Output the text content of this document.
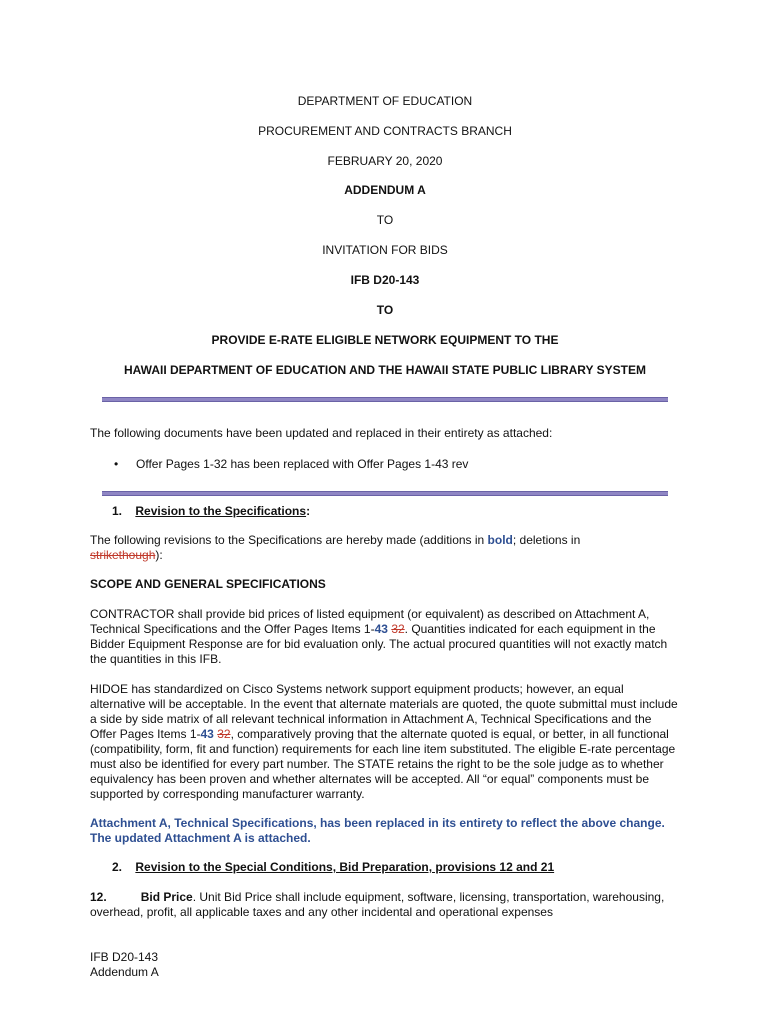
DEPARTMENT OF EDUCATION
PROCUREMENT AND CONTRACTS BRANCH
FEBRUARY 20, 2020
ADDENDUM A
TO
INVITATION FOR BIDS
IFB D20-143
TO
PROVIDE E-RATE ELIGIBLE NETWORK EQUIPMENT TO THE
HAWAII DEPARTMENT OF EDUCATION AND THE HAWAII STATE PUBLIC LIBRARY SYSTEM
The following documents have been updated and replaced in their entirety as attached:
• Offer Pages 1-32 has been replaced with Offer Pages 1-43 rev
1. Revision to the Specifications:
The following revisions to the Specifications are hereby made (additions in bold; deletions in
strikethough):
SCOPE AND GENERAL SPECIFICATIONS
CONTRACTOR shall provide bid prices of listed equipment (or equivalent) as described on Attachment A, Technical Specifications and the Offer Pages Items 1-43 32. Quantities indicated for each equipment in the Bidder Equipment Response are for bid evaluation only. The actual procured quantities will not exactly match the quantities in this IFB.
HIDOE has standardized on Cisco Systems network support equipment products; however, an equal alternative will be acceptable. In the event that alternate materials are quoted, the quote submittal must include a side by side matrix of all relevant technical information in Attachment A, Technical Specifications and the Offer Pages Items 1-43 32, comparatively proving that the alternate quoted is equal, or better, in all functional (compatibility, form, fit and function) requirements for each line item substituted. The eligible E-rate percentage must also be identified for every part number. The STATE retains the right to be the sole judge as to whether equivalency has been proven and whether alternates will be accepted. All “or equal” components must be supported by corresponding manufacturer warranty.
Attachment A, Technical Specifications, has been replaced in its entirety to reflect the above change. The updated Attachment A is attached.
2. Revision to the Special Conditions, Bid Preparation, provisions 12 and 21
12.	Bid Price. Unit Bid Price shall include equipment, software, licensing, transportation, warehousing, overhead, profit, all applicable taxes and any other incidental and operational expenses
IFB D20-143
Addendum A
